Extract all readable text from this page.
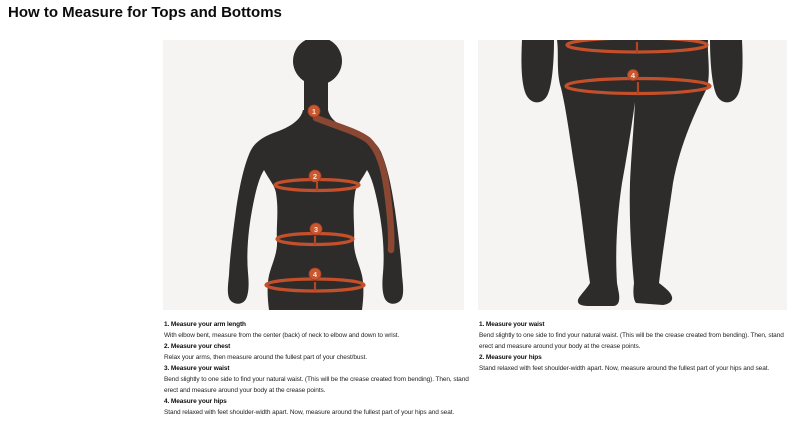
How to Measure for Tops and Bottoms
1
2
3
4
4
1. Measure your arm length
With elbow bent, measure from the center (back) of neck to elbow and down to wrist.
2. Measure your chest
Relax your arms, then measure around the fullest part of your chest/bust.
3. Measure your waist
Bend slightly to one side to find your natural waist. (This will be the crease created from bending). Then, stand erect and measure around your body at the crease points.
4. Measure your hips
Stand relaxed with feet shoulder-width apart. Now, measure around the fullest part of your hips and seat.
1. Measure your waist
Bend slightly to one side to find your natural waist. (This will be the crease created from bending). Then, stand erect and measure around your body at the crease points.
2. Measure your hips
Stand relaxed with feet shoulder-width apart. Now, measure around the fullest part of your hips and seat.
